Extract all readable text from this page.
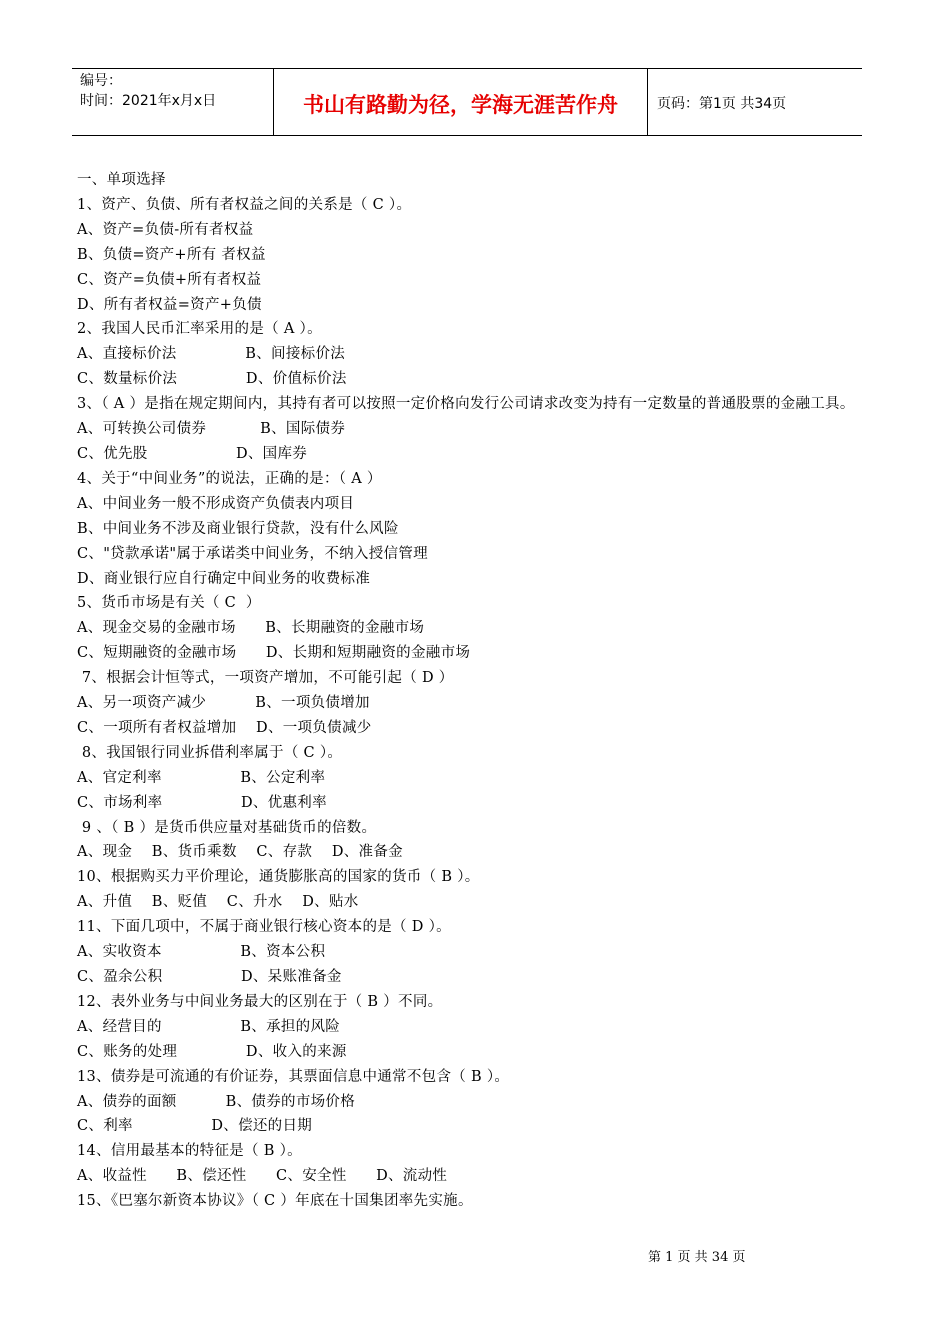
编号：
时间：2021年x月x日	书山有路勤为径，学海无涯苦作舟	页码：第1页 共34页
一、单项选择
1、资产、负债、所有者权益之间的关系是（ C ）。
A、资产=负债-所有者权益
B、负债=资产+所有 者权益
C、资产=负债+所有者权益
D、所有者权益=资产+负债
2、我国人民币汇率采用的是（ A ）。
A、直接标价法              B、间接标价法
C、数量标价法              D、价值标价法
3、（ A ）是指在规定期间内，其持有者可以按照一定价格向发行公司请求改变为持有一定数量的普通股票的金融工具。
A、可转换公司债券           B、国际债券
C、优先股                  D、国库券
4、关于“中间业务”的说法，正确的是：（ A ）
A、中间业务一般不形成资产负债表内项目
B、中间业务不涉及商业银行贷款，没有什么风险
C、"贷款承诺"属于承诺类中间业务，不纳入授信管理
D、商业银行应自行确定中间业务的收费标准
5、货币市场是有关（ C  ）
A、现金交易的金融市场      B、长期融资的金融市场
C、短期融资的金融市场      D、长期和短期融资的金融市场
7、根据会计恒等式，一项资产增加，不可能引起（ D ）
A、另一项资产减少          B、一项负债增加
C、一项所有者权益增加    D、一项负债减少
8、我国银行同业拆借利率属于（ C ）。
A、官定利率                B、公定利率
C、市场利率                D、优惠利率
9 、（ B ）是货币供应量对基础货币的倍数。
A、现金    B、货币乘数    C、存款    D、准备金
10、根据购买力平价理论，通货膨胀高的国家的货币（ B ）。
A、升值    B、贬值    C、升水    D、贴水
11、下面几项中，不属于商业银行核心资本的是（ D ）。
A、实收资本                B、资本公积
C、盈余公积                D、呆账准备金
12、表外业务与中间业务最大的区别在于（ B ）不同。
A、经营目的                B、承担的风险
C、账务的处理              D、收入的来源
13、债券是可流通的有价证券，其票面信息中通常不包含（ B ）。
A、债券的面额          B、债券的市场价格
C、利率                D、偿还的日期
14、信用最基本的特征是（ B ）。
A、收益性      B、偿还性      C、安全性      D、流动性
15、《巴塞尔新资本协议》（ C ）年底在十国集团率先实施。
第 1 页 共 34 页
